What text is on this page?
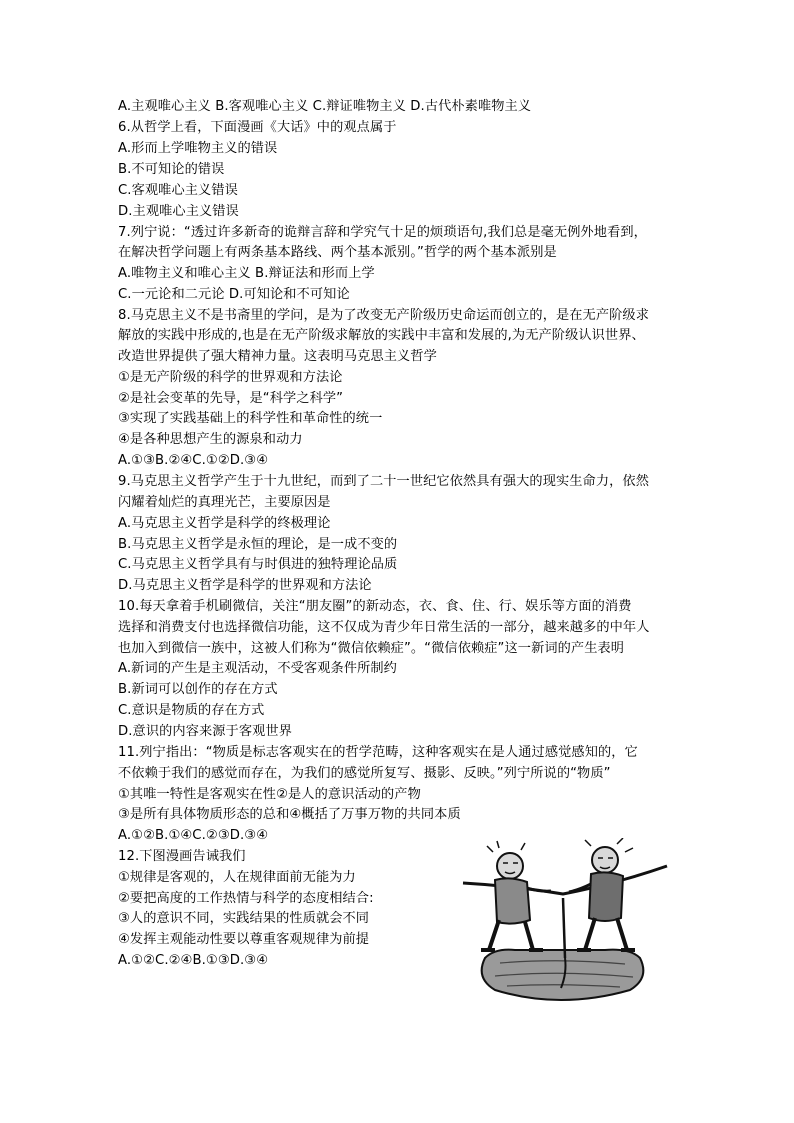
A.主观唯心主义 B.客观唯心主义 C.辩证唯物主义 D.古代朴素唯物主义
6.从哲学上看，下面漫画《大话》中的观点属于
A.形而上学唯物主义的错误
B.不可知论的错误
C.客观唯心主义错误
D.主观唯心主义错误
7.列宁说：“透过许多新奇的诡辩言辞和学究气十足的烦琐语句,我们总是毫无例外地看到，
在解决哲学问题上有两条基本路线、两个基本派别。”哲学的两个基本派别是
A.唯物主义和唯心主义 B.辩证法和形而上学
C.一元论和二元论 D.可知论和不可知论
8.马克思主义不是书斋里的学问，是为了改变无产阶级历史命运而创立的，是在无产阶级求
解放的实践中形成的,也是在无产阶级求解放的实践中丰富和发展的,为无产阶级认识世界、
改造世界提供了强大精神力量。这表明马克思主义哲学
①是无产阶级的科学的世界观和方法论
②是社会变革的先导，是“科学之科学”
③实现了实践基础上的科学性和革命性的统一
④是各种思想产生的源泉和动力
A.①③B.②④C.①②D.③④
9.马克思主义哲学产生于十九世纪，而到了二十一世纪它依然具有强大的现实生命力，依然
闪耀着灿烂的真理光芒，主要原因是
A.马克思主义哲学是科学的终极理论
B.马克思主义哲学是永恒的理论，是一成不变的
C.马克思主义哲学具有与时俱进的独特理论品质
D.马克思主义哲学是科学的世界观和方法论
10.每天拿着手机刷微信，关注“朋友圈”的新动态，衣、食、住、行、娱乐等方面的消费
选择和消费支付也选择微信功能，这不仅成为青少年日常生活的一部分，越来越多的中年人
也加入到微信一族中，这被人们称为“微信依赖症”。“微信依赖症”这一新词的产生表明
A.新词的产生是主观活动，不受客观条件所制约
B.新词可以创作的存在方式
C.意识是物质的存在方式
D.意识的内容来源于客观世界
11.列宁指出：“物质是标志客观实在的哲学范畴，这种客观实在是人通过感觉感知的，它
不依赖于我们的感觉而存在，为我们的感觉所复写、摄影、反映。”列宁所说的“物质”
①其唯一特性是客观实在性②是人的意识活动的产物
③是所有具体物质形态的总和④概括了万事万物的共同本质
A.①②B.①④C.②③D.③④
12.下图漫画告诫我们
①规律是客观的，人在规律面前无能为力
②要把高度的工作热情与科学的态度相结合:
③人的意识不同，实践结果的性质就会不同
④发挥主观能动性要以尊重客观规律为前提
A.①②C.②④B.①③D.③④
